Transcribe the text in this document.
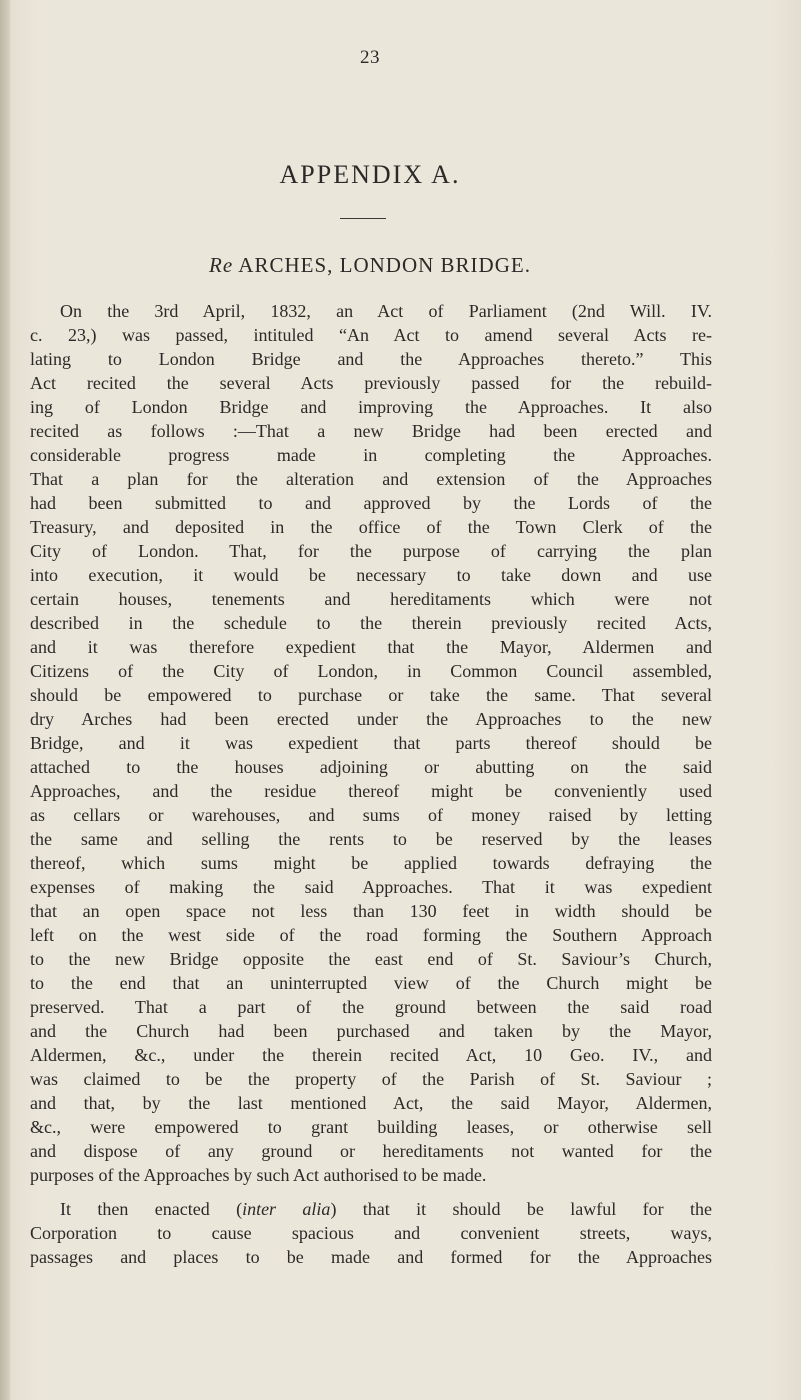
23
APPENDIX A.
Re ARCHES, LONDON BRIDGE.
On the 3rd April, 1832, an Act of Parliament (2nd Will. IV.
c. 23,) was passed, intituled “An Act to amend several Acts re-
lating to London Bridge and the Approaches thereto.” This
Act recited the several Acts previously passed for the rebuild-
ing of London Bridge and improving the Approaches. It also
recited as follows :—That a new Bridge had been erected and
considerable progress made in completing the Approaches.
That a plan for the alteration and extension of the Approaches
had been submitted to and approved by the Lords of the
Treasury, and deposited in the office of the Town Clerk of the
City of London. That, for the purpose of carrying the plan
into execution, it would be necessary to take down and use
certain houses, tenements and hereditaments which were not
described in the schedule to the therein previously recited Acts,
and it was therefore expedient that the Mayor, Aldermen and
Citizens of the City of London, in Common Council assembled,
should be empowered to purchase or take the same. That several
dry Arches had been erected under the Approaches to the new
Bridge, and it was expedient that parts thereof should be
attached to the houses adjoining or abutting on the said
Approaches, and the residue thereof might be conveniently used
as cellars or warehouses, and sums of money raised by letting
the same and selling the rents to be reserved by the leases
thereof, which sums might be applied towards defraying the
expenses of making the said Approaches. That it was expedient
that an open space not less than 130 feet in width should be
left on the west side of the road forming the Southern Approach
to the new Bridge opposite the east end of St. Saviour’s Church,
to the end that an uninterrupted view of the Church might be
preserved. That a part of the ground between the said road
and the Church had been purchased and taken by the Mayor,
Aldermen, &c., under the therein recited Act, 10 Geo. IV., and
was claimed to be the property of the Parish of St. Saviour ;
and that, by the last mentioned Act, the said Mayor, Aldermen,
&c., were empowered to grant building leases, or otherwise sell
and dispose of any ground or hereditaments not wanted for the
purposes of the Approaches by such Act authorised to be made.
It then enacted (inter alia) that it should be lawful for the
Corporation to cause spacious and convenient streets, ways,
passages and places to be made and formed for the Approaches
